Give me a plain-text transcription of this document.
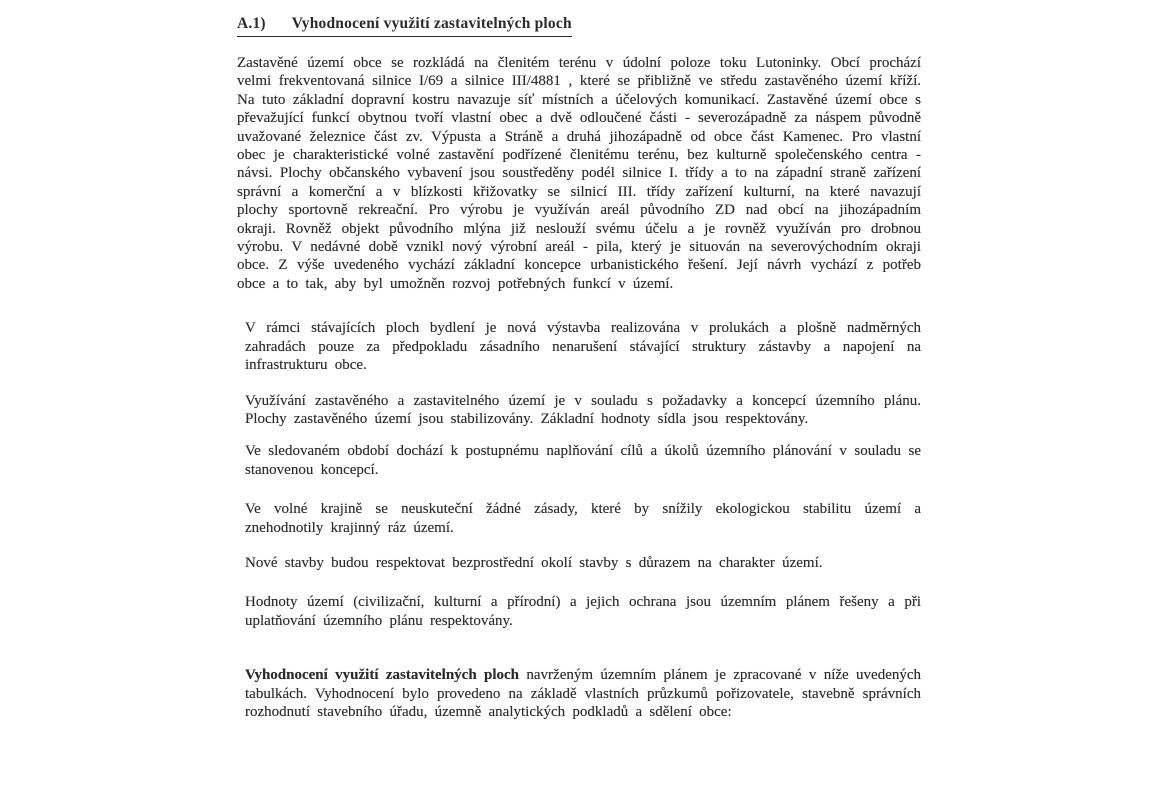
A.1) Vyhodnocení využití zastavitelných ploch

Zastavěné území obce se rozkládá na členitém terénu v údolní poloze toku Lutoninky. Obcí prochází velmi frekventovaná silnice I/69 a silnice III/4881 , které se přibližně ve středu zastavěného území kříží. Na tuto základní dopravní kostru navazuje síť místních a účelových komunikací. Zastavěné území obce s převažující funkcí obytnou tvoří vlastní obec a dvě odloučené části - severozápadně za náspem původně uvažované železnice část zv. Výpusta a Stráně a druhá jihozápadně od obce část Kamenec. Pro vlastní obec je charakteristické volné zastavění podřízené členitému terénu, bez kulturně společenského centra - návsi. Plochy občanského vybavení jsou soustředěny podél silnice I. třídy a to na západní straně zařízení správní a komerční a v blízkosti křižovatky se silnicí III. třídy zařízení kulturní, na které navazují plochy sportovně rekreační. Pro výrobu je využíván areál původního ZD nad obcí na jihozápadním okraji. Rovněž objekt původního mlýna již neslouží svému účelu a je rovněž využíván pro drobnou výrobu. V nedávné době vznikl nový výrobní areál - pila, který je situován na severovýchodním okraji obce. Z výše uvedeného vychází základní koncepce urbanistického řešení. Její návrh vychází z potřeb obce a to tak, aby byl umožněn rozvoj potřebných funkcí v území.

V rámci stávajících ploch bydlení je nová výstavba realizována v prolukách a plošně nadměrných zahradách pouze za předpokladu zásadního nenarušení stávající struktury zástavby a napojení na infrastrukturu obce.

Využívání zastavěného a zastavitelného území je v souladu s požadavky a koncepcí územního plánu. Plochy zastavěného území jsou stabilizovány. Základní hodnoty sídla jsou respektovány.

Ve sledovaném období dochází k postupnému naplňování cílů a úkolů územního plánování v souladu se stanovenou koncepcí.

Ve volné krajině se neuskuteční žádné zásady, které by snížily ekologickou stabilitu území a znehodnotily krajinný ráz území.

Nové stavby budou respektovat bezprostřední okolí stavby s důrazem na charakter území.

Hodnoty území (civilizační, kulturní a přírodní) a jejich ochrana jsou územním plánem řešeny a při uplatňování územního plánu respektovány.

Vyhodnocení využití zastavitelných ploch navrženým územním plánem je zpracované v níže uvedených tabulkách. Vyhodnocení bylo provedeno na základě vlastních průzkumů pořizovatele, stavebně správních rozhodnutí stavebního úřadu, územně analytických podkladů a sdělení obce:
